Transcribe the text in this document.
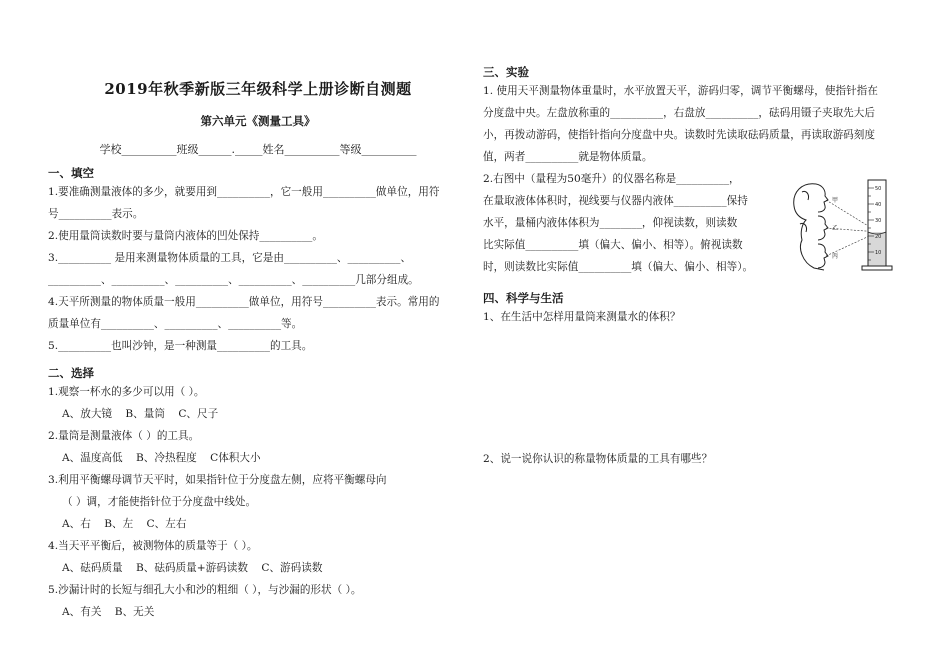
2019年秋季新版三年级科学上册诊断自测题
第六单元《测量工具》
学校__________班级______._____姓名__________等级__________
一、填空
1.要准确测量液体的多少，就要用到__________，它一般用__________做单位，用符
号__________表示。
2.使用量筒读数时要与量筒内液体的凹处保持__________。
3.__________ 是用来测量物体质量的工具，它是由__________、__________、
__________、__________、__________、__________、__________几部分组成。
4.天平所测量的物体质量一般用__________做单位，用符号__________表示。常用的
质量单位有__________、__________、__________等。
5.__________也叫沙钟，是一种测量__________的工具。
二、选择
1.观察一杯水的多少可以用（ ）。
A、放大镜 B、量筒 C、尺子
2.量筒是测量液体（ ）的工具。
A、温度高低 B、冷热程度 C体积大小
3.利用平衡螺母调节天平时，如果指针位于分度盘左侧，应将平衡螺母向
（ ）调，才能使指针位于分度盘中线处。
A、右 B、左 C、左右
4.当天平平衡后，被测物体的质量等于（ ）。
A、砝码质量 B、砝码质量+游码读数 C、游码读数
5.沙漏计时的长短与细孔大小和沙的粗细（ ），与沙漏的形状（ ）。
A、有关 B、无关
三、实验
1. 使用天平测量物体重量时，水平放置天平，游码归零，调节平衡螺母，使指针指在
分度盘中央。左盘放称重的__________，右盘放__________，砝码用镊子夹取先大后
小，再拨动游码，使指针指向分度盘中央。读数时先读取砝码质量，再读取游码刻度
值，两者__________就是物体质量。
2.右图中（量程为50毫升）的仪器名称是__________，
在量取液体体积时，视线要与仪器内液体__________保持
水平，量桶内液体体积为________，仰视读数，则读数
比实际值__________填（偏大、偏小、相等）。俯视读数
时，则读数比实际值__________填（偏大、偏小、相等）。
四、科学与生活
1、在生活中怎样用量筒来测量水的体积？
2、说一说你认识的称量物体质量的工具有哪些？
50
40
30
20
10
甲
乙
丙
